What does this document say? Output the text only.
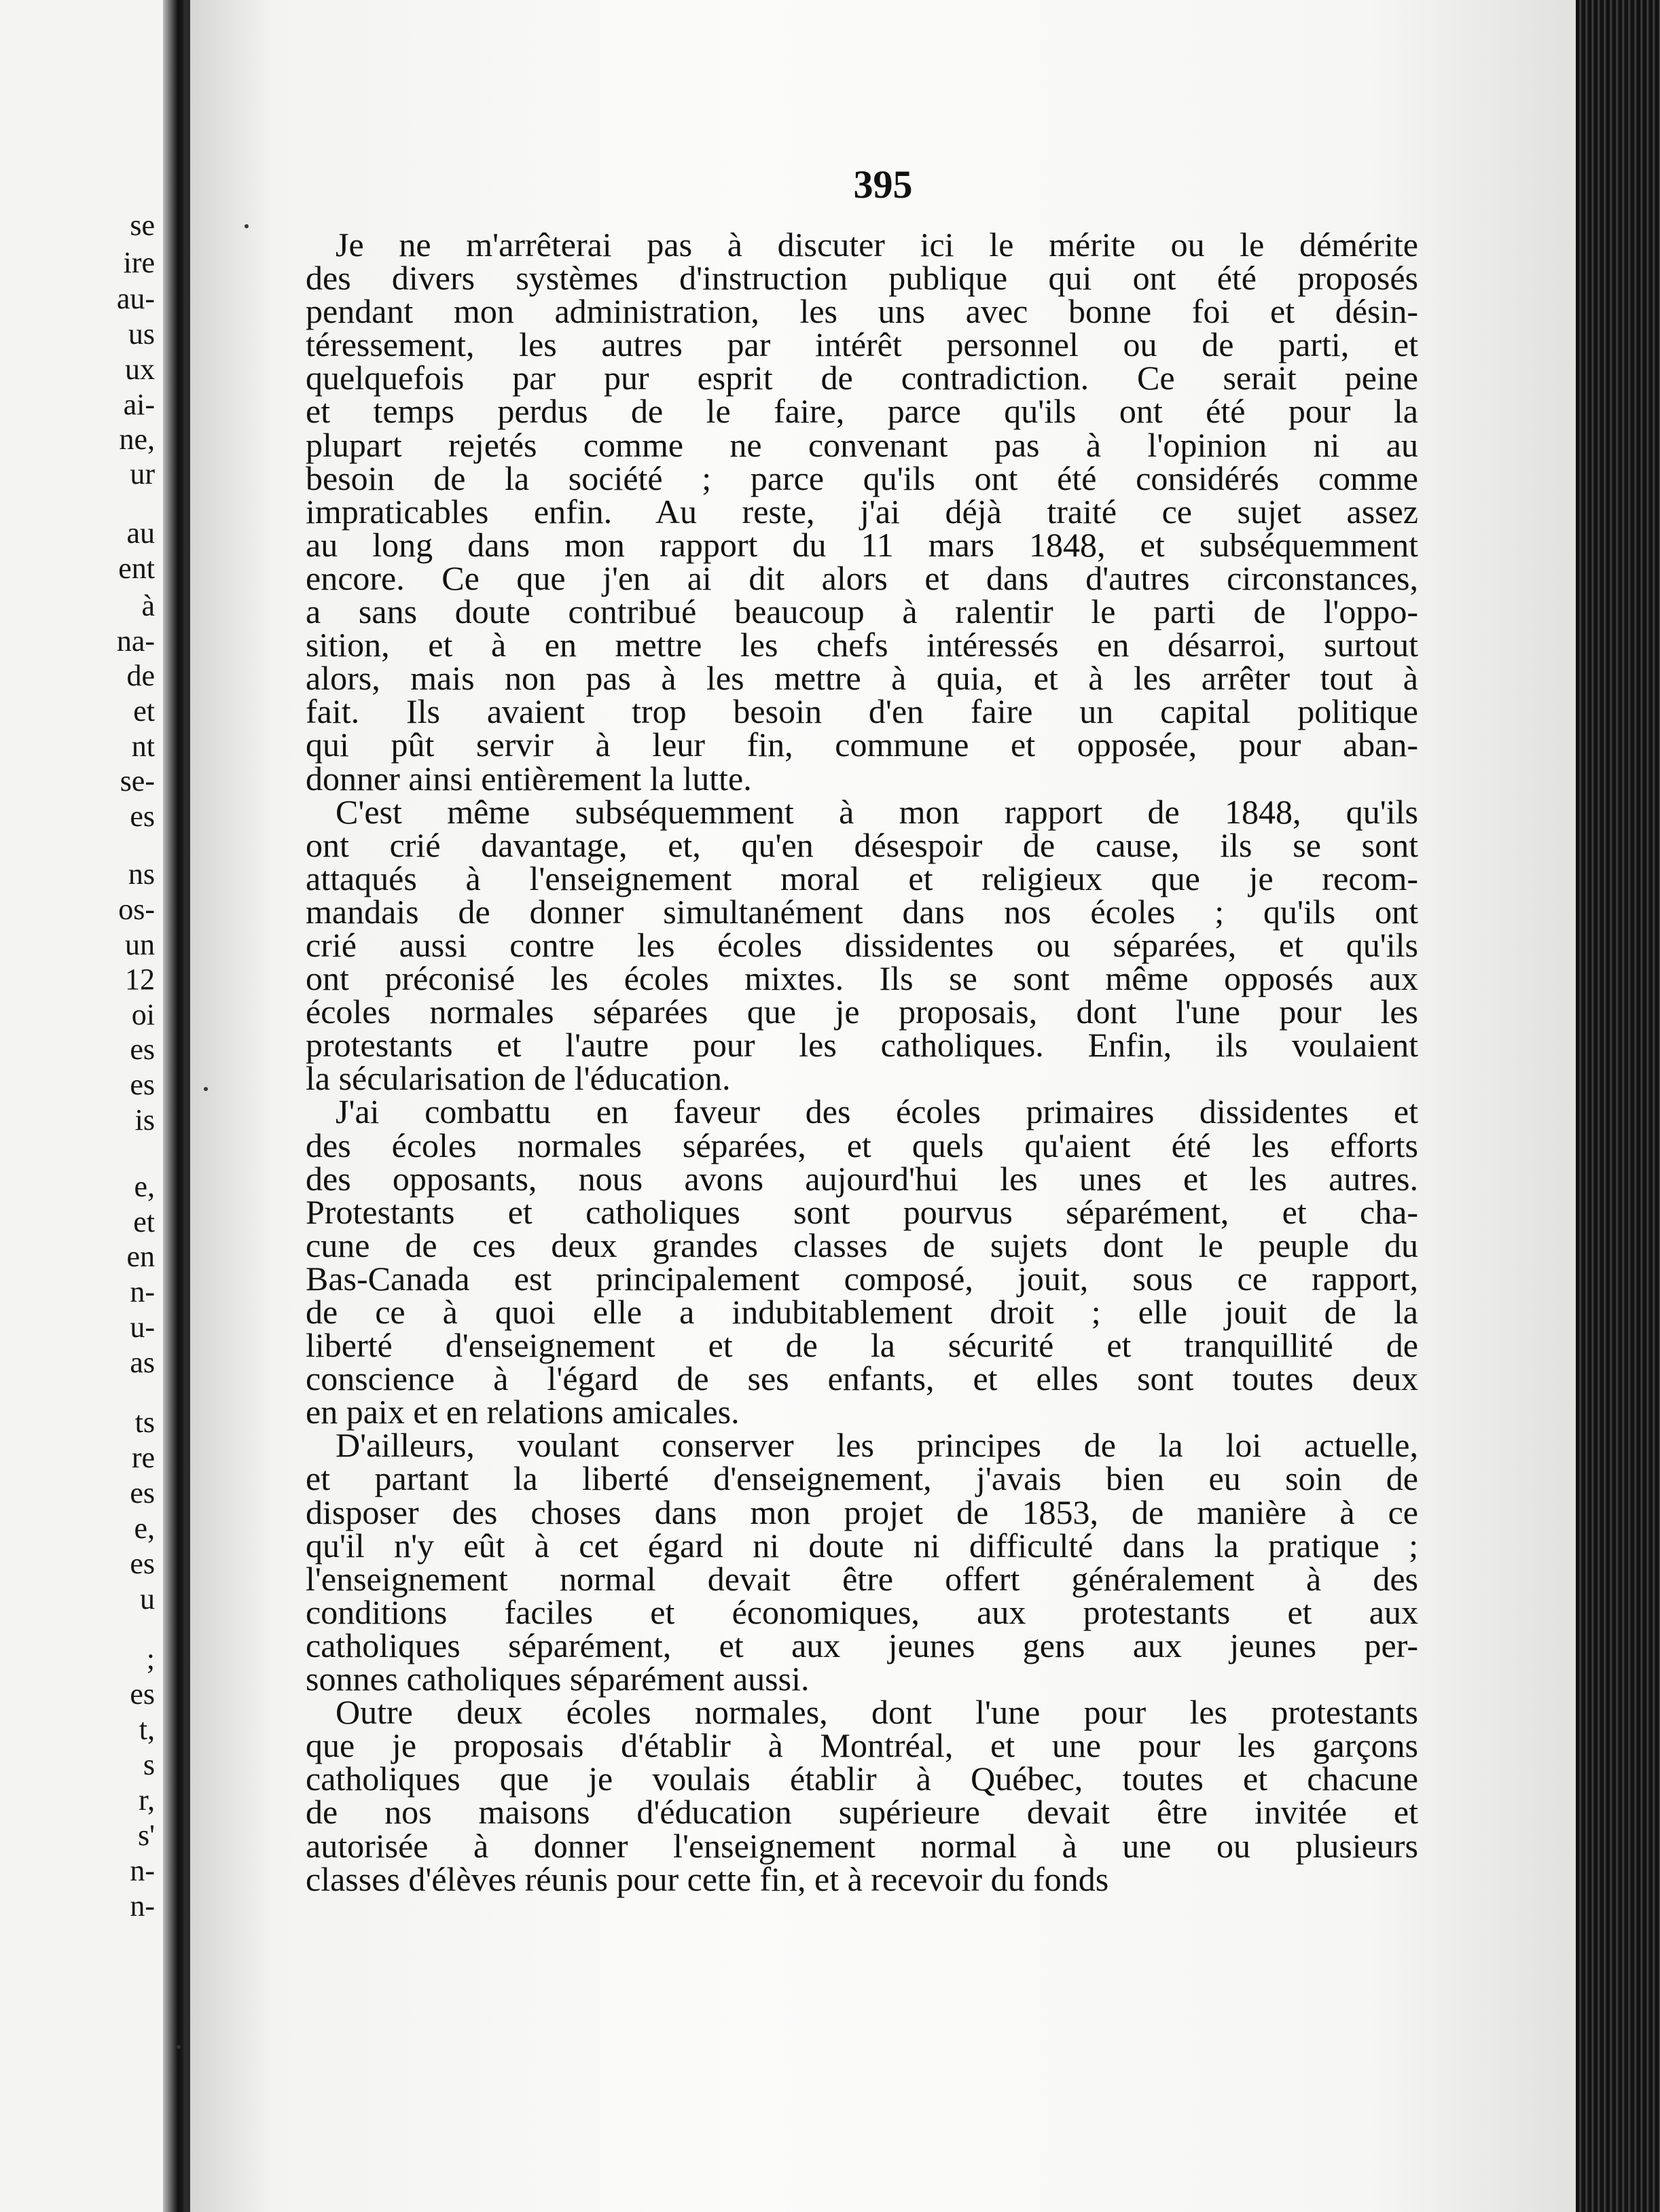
se

ire

au-

us

ux

ai-

ne,

ur

au

ent

à

na-

de

et

nt

se-

es

ns

os-

un

12

oi

es

es

is

e,

et

en

n-

u-

as

ts

re

es

e,

es

u

;

es

t,

s

r,

s'

n-

n-

395

Je ne m'arrêterai pas à discuter ici le mérite ou le démérite
des divers systèmes d'instruction publique qui ont été proposés
pendant mon administration, les uns avec bonne foi et désin-
téressement, les autres par intérêt personnel ou de parti, et
quelquefois par pur esprit de contradiction. Ce serait peine
et temps perdus de le faire, parce qu'ils ont été pour la
plupart rejetés comme ne convenant pas à l'opinion ni au
besoin de la société ; parce qu'ils ont été considérés comme
impraticables enfin. Au reste, j'ai déjà traité ce sujet assez
au long dans mon rapport du 11 mars 1848, et subséquemment
encore. Ce que j'en ai dit alors et dans d'autres circonstances,
a sans doute contribué beaucoup à ralentir le parti de l'oppo-
sition, et à en mettre les chefs intéressés en désarroi, surtout
alors, mais non pas à les mettre à quia, et à les arrêter tout à
fait. Ils avaient trop besoin d'en faire un capital politique
qui pût servir à leur fin, commune et opposée, pour aban-
donner ainsi entièrement la lutte.
C'est même subséquemment à mon rapport de 1848, qu'ils
ont crié davantage, et, qu'en désespoir de cause, ils se sont
attaqués à l'enseignement moral et religieux que je recom-
mandais de donner simultanément dans nos écoles ; qu'ils ont
crié aussi contre les écoles dissidentes ou séparées, et qu'ils
ont préconisé les écoles mixtes. Ils se sont même opposés aux
écoles normales séparées que je proposais, dont l'une pour les
protestants et l'autre pour les catholiques. Enfin, ils voulaient
la sécularisation de l'éducation.
J'ai combattu en faveur des écoles primaires dissidentes et
des écoles normales séparées, et quels qu'aient été les efforts
des opposants, nous avons aujourd'hui les unes et les autres.
Protestants et catholiques sont pourvus séparément, et cha-
cune de ces deux grandes classes de sujets dont le peuple du
Bas-Canada est principalement composé, jouit, sous ce rapport,
de ce à quoi elle a indubitablement droit ; elle jouit de la
liberté d'enseignement et de la sécurité et tranquillité de
conscience à l'égard de ses enfants, et elles sont toutes deux
en paix et en relations amicales.
D'ailleurs, voulant conserver les principes de la loi actuelle,
et partant la liberté d'enseignement, j'avais bien eu soin de
disposer des choses dans mon projet de 1853, de manière à ce
qu'il n'y eût à cet égard ni doute ni difficulté dans la pratique ;
l'enseignement normal devait être offert généralement à des
conditions faciles et économiques, aux protestants et aux
catholiques séparément, et aux jeunes gens aux jeunes per-
sonnes catholiques séparément aussi.
Outre deux écoles normales, dont l'une pour les protestants
que je proposais d'établir à Montréal, et une pour les garçons
catholiques que je voulais établir à Québec, toutes et chacune
de nos maisons d'éducation supérieure devait être invitée et
autorisée à donner l'enseignement normal à une ou plusieurs
classes d'élèves réunis pour cette fin, et à recevoir du fonds
